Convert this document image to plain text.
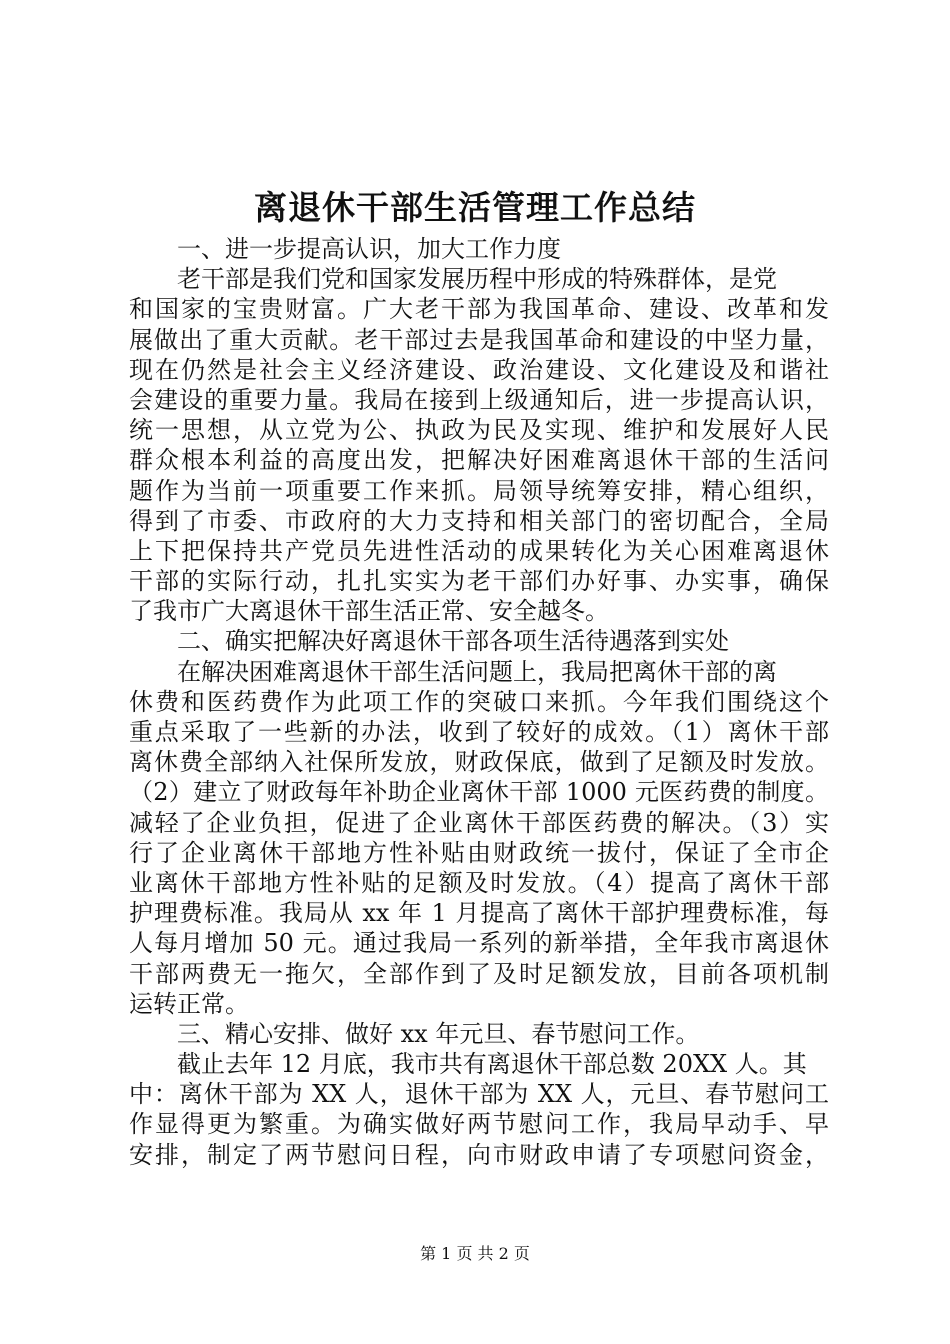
离退休干部生活管理工作总结
一、进一步提高认识，加大工作力度
老干部是我们党和国家发展历程中形成的特殊群体，是党
和国家的宝贵财富。广大老干部为我国革命、建设、改革和发
展做出了重大贡献。老干部过去是我国革命和建设的中坚力量，
现在仍然是社会主义经济建设、政治建设、文化建设及和谐社
会建设的重要力量。我局在接到上级通知后，进一步提高认识，
统一思想，从立党为公、执政为民及实现、维护和发展好人民
群众根本利益的高度出发，把解决好困难离退休干部的生活问
题作为当前一项重要工作来抓。局领导统筹安排，精心组织，
得到了市委、市政府的大力支持和相关部门的密切配合，全局
上下把保持共产党员先进性活动的成果转化为关心困难离退休
干部的实际行动，扎扎实实为老干部们办好事、办实事，确保
了我市广大离退休干部生活正常、安全越冬。
二、确实把解决好离退休干部各项生活待遇落到实处
在解决困难离退休干部生活问题上，我局把离休干部的离
休费和医药费作为此项工作的突破口来抓。今年我们围绕这个
重点采取了一些新的办法，收到了较好的成效。（1）离休干部
离休费全部纳入社保所发放，财政保底，做到了足额及时发放。
（2）建立了财政每年补助企业离休干部 1000 元医药费的制度。
减轻了企业负担，促进了企业离休干部医药费的解决。（3）实
行了企业离休干部地方性补贴由财政统一拔付，保证了全市企
业离休干部地方性补贴的足额及时发放。（4）提高了离休干部
护理费标准。我局从 xx 年 1 月提高了离休干部护理费标准，每
人每月增加 50 元。通过我局一系列的新举措，全年我市离退休
干部两费无一拖欠，全部作到了及时足额发放，目前各项机制
运转正常。
三、精心安排、做好 xx 年元旦、春节慰问工作。
截止去年 12 月底，我市共有离退休干部总数 20XX 人。其
中：离休干部为 XX 人，退休干部为 XX 人，元旦、春节慰问工
作显得更为繁重。为确实做好两节慰问工作，我局早动手、早
安排，制定了两节慰问日程，向市财政申请了专项慰问资金，
第 1 页 共 2 页
